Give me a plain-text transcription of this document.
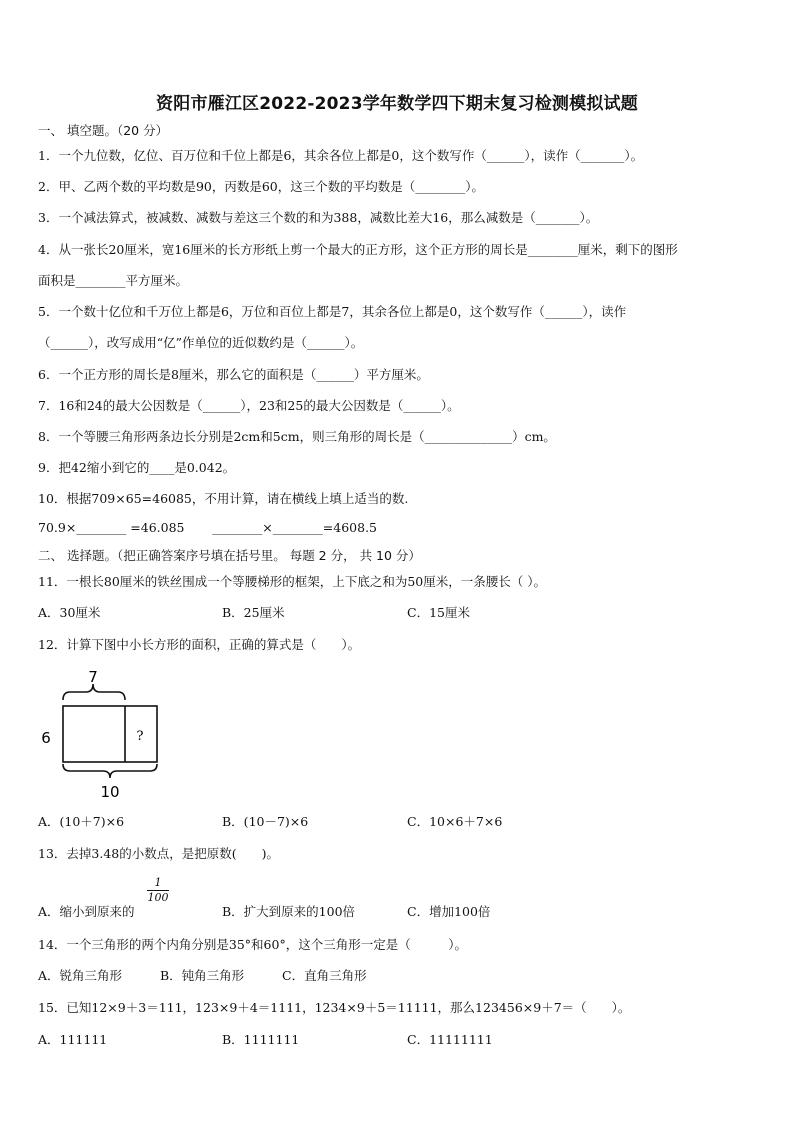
资阳市雁江区2022-2023学年数学四下期末复习检测模拟试题
一、 填空题。（20 分）
1．一个九位数，亿位、百万位和千位上都是6，其余各位上都是0，这个数写作（______），读作（_______）。
2．甲、乙两个数的平均数是90，丙数是60，这三个数的平均数是（________）。
3．一个减法算式，被减数、减数与差这三个数的和为388，减数比差大16，那么减数是（_______）。
4．从一张长20厘米，宽16厘米的长方形纸上剪一个最大的正方形，这个正方形的周长是________厘米，剩下的图形
面积是________平方厘米。
5．一个数十亿位和千万位上都是6，万位和百位上都是7，其余各位上都是0，这个数写作（______），读作
（______），改写成用“亿”作单位的近似数约是（______）。
6．一个正方形的周长是8厘米，那么它的面积是（______）平方厘米。
7．16和24的最大公因数是（______），23和25的最大公因数是（______）。
8．一个等腰三角形两条边长分别是2cm和5cm，则三角形的周长是（______________）cm。
9．把42缩小到它的____是0.042。
10．根据709×65=46085，不用计算，请在横线上填上适当的数.
70.9×________ =46.085       ________×________=4608.5
二、 选择题。（把正确答案序号填在括号里。 每题 2 分， 共 10 分）
11．一根长80厘米的铁丝围成一个等腰梯形的框架，上下底之和为50厘米，一条腰长（ ）。
A．30厘米	B．25厘米	C．15厘米
12．计算下图中小长方形的面积，正确的算式是（　　）。
7
?
6
10
A．(10＋7)×6	B．(10－7)×6	C．10×6＋7×6
13．去掉3.48的小数点，是把原数(　　)。
1
100
A．缩小到原来的	B．扩大到原来的100倍	C．增加100倍
14．一个三角形的两个内角分别是35°和60°，这个三角形一定是（　　　）。
A．锐角三角形	B．钝角三角形	C．直角三角形
15．已知12×9＋3＝111，123×9＋4＝1111，1234×9＋5＝11111，那么123456×9＋7＝（　　）。
A．111111	B．1111111	C．11111111
